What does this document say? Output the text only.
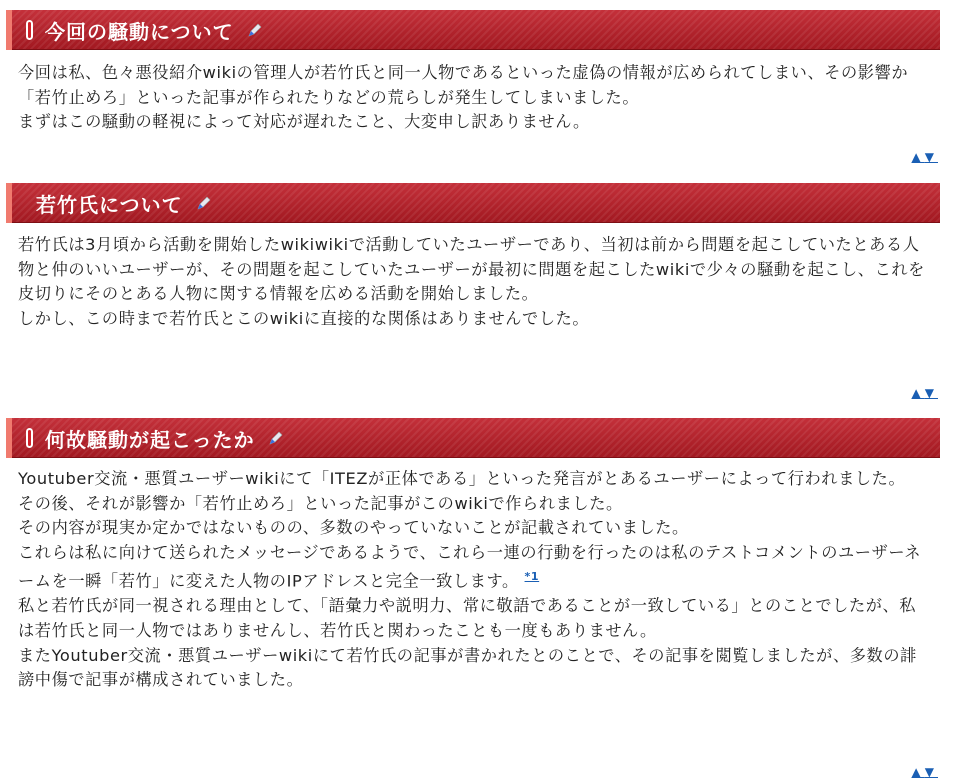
今回の騒動について

今回は私、色々悪役紹介wikiの管理人が若竹氏と同一人物であるといった虚偽の情報が広められてしまい、その影響か「若竹止めろ」といった記事が作られたりなどの荒らしが発生してしまいました。

まずはこの騒動の軽視によって対応が遅れたこと、大変申し訳ありません。

▲▼
若竹氏について

若竹氏は3月頃から活動を開始したwikiwikiで活動していたユーザーであり、当初は前から問題を起こしていたとある人物と仲のいいユーザーが、その問題を起こしていたユーザーが最初に問題を起こしたwikiで少々の騒動を起こし、これを皮切りにそのとある人物に関する情報を広める活動を開始しました。

しかし、この時まで若竹氏とこのwikiに直接的な関係はありませんでした。

▲▼
何故騒動が起こったか

Youtuber交流・悪質ユーザーwikiにて「ITEZが正体である」といった発言がとあるユーザーによって行われました。

その後、それが影響か「若竹止めろ」といった記事がこのwikiで作られました。

その内容が現実か定かではないものの、多数のやっていないことが記載されていました。

これらは私に向けて送られたメッセージであるようで、これら一連の行動を行ったのは私のテストコメントのユーザーネームを一瞬「若竹」に変えた人物のIPアドレスと完全一致します。 $^{*1}$

私と若竹氏が同一視される理由として、「語彙力や説明力、常に敬語であることが一致している」とのことでしたが、私は若竹氏と同一人物ではありませんし、若竹氏と関わったことも一度もありません。

またYoutuber交流・悪質ユーザーwikiにて若竹氏の記事が書かれたとのことで、その記事を閲覧しましたが、多数の誹謗中傷で記事が構成されていました。

▲▼
